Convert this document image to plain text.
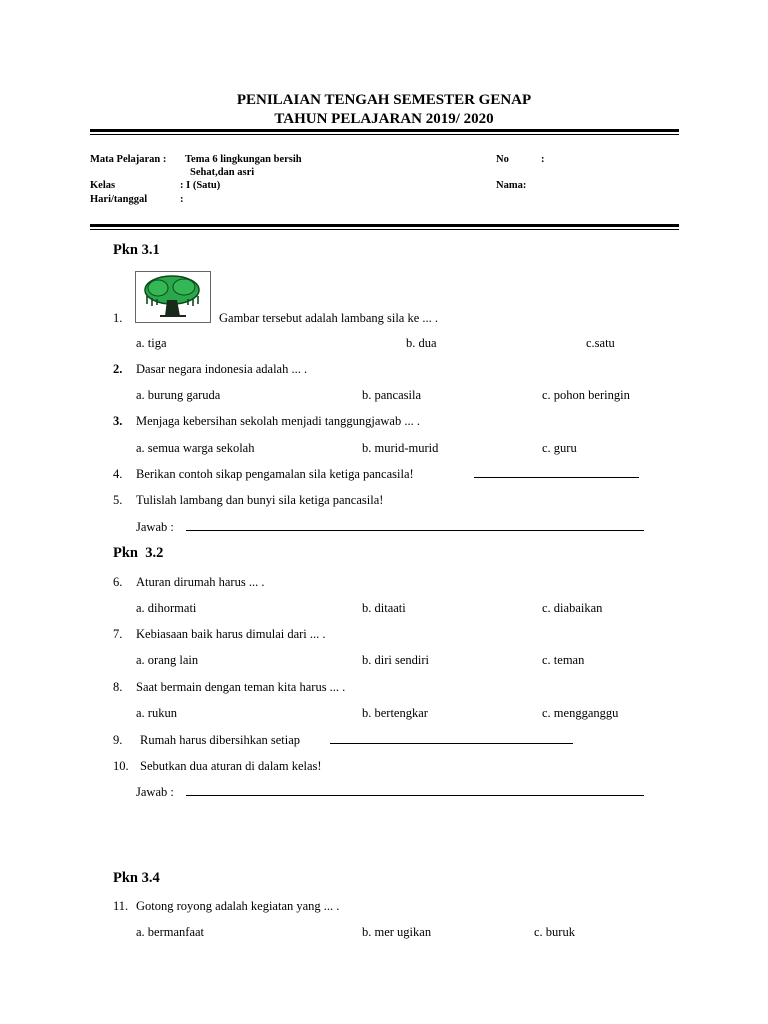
PENILAIAN TENGAH SEMESTER GENAP
TAHUN PELAJARAN 2019/ 2020
Mata Pelajaran : Tema 6 lingkungan bersih
Sehat,dan asri
Kelas	: I (Satu)
Hari/tanggal	:
No	:
Nama:
Pkn 3.1
1.	Gambar tersebut adalah lambang sila ke ... .
a. tiga	b. dua	c.satu
2. Dasar negara indonesia adalah ... .
a. burung garuda	b. pancasila	c. pohon beringin
3. Menjaga kebersihan sekolah menjadi tanggungjawab ... .
a. semua warga sekolah	b. murid-murid	c. guru
4. Berikan contoh sikap pengamalan sila ketiga pancasila!
5. Tulislah lambang dan bunyi sila ketiga pancasila!
Jawab :
Pkn  3.2
6. Aturan dirumah harus ... .
a. dihormati	b. ditaati	c. diabaikan
7. Kebiasaan baik harus dimulai dari ... .
a. orang lain	b. diri sendiri	c. teman
8. Saat bermain dengan teman kita harus ... .
a. rukun	b. bertengkar	c. mengganggu
9. Rumah harus dibersihkan setiap
10. Sebutkan dua aturan di dalam kelas!
Jawab :
Pkn 3.4
11. Gotong royong adalah kegiatan yang ... .
a. bermanfaat	b. mer ugikan	c. buruk
